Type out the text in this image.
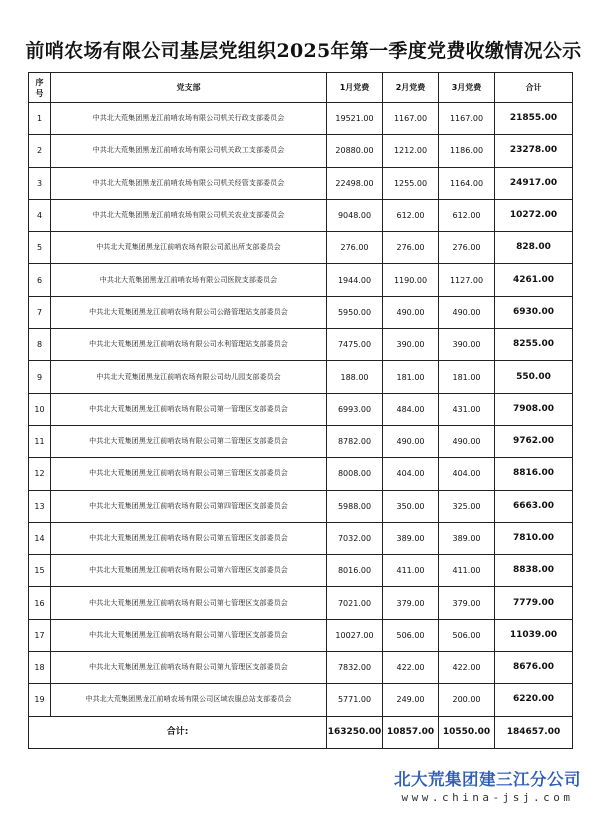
前哨农场有限公司基层党组织2025年第一季度党费收缴情况公示
序
号	党支部	1月党费	2月党费	3月党费	合计
1	中共北大荒集团黑龙江前哨农场有限公司机关行政支部委员会	19521.00	1167.00	1167.00	21855.00
2	中共北大荒集团黑龙江前哨农场有限公司机关政工支部委员会	20880.00	1212.00	1186.00	23278.00
3	中共北大荒集团黑龙江前哨农场有限公司机关经管支部委员会	22498.00	1255.00	1164.00	24917.00
4	中共北大荒集团黑龙江前哨农场有限公司机关农业支部委员会	9048.00	612.00	612.00	10272.00
5	中共北大荒集团黑龙江前哨农场有限公司派出所支部委员会	276.00	276.00	276.00	828.00
6	中共北大荒集团黑龙江前哨农场有限公司医院支部委员会	1944.00	1190.00	1127.00	4261.00
7	中共北大荒集团黑龙江前哨农场有限公司公路管理站支部委员会	5950.00	490.00	490.00	6930.00
8	中共北大荒集团黑龙江前哨农场有限公司水利管理站支部委员会	7475.00	390.00	390.00	8255.00
9	中共北大荒集团黑龙江前哨农场有限公司幼儿园支部委员会	188.00	181.00	181.00	550.00
10	中共北大荒集团黑龙江前哨农场有限公司第一管理区支部委员会	6993.00	484.00	431.00	7908.00
11	中共北大荒集团黑龙江前哨农场有限公司第二管理区支部委员会	8782.00	490.00	490.00	9762.00
12	中共北大荒集团黑龙江前哨农场有限公司第三管理区支部委员会	8008.00	404.00	404.00	8816.00
13	中共北大荒集团黑龙江前哨农场有限公司第四管理区支部委员会	5988.00	350.00	325.00	6663.00
14	中共北大荒集团黑龙江前哨农场有限公司第五管理区支部委员会	7032.00	389.00	389.00	7810.00
15	中共北大荒集团黑龙江前哨农场有限公司第六管理区支部委员会	8016.00	411.00	411.00	8838.00
16	中共北大荒集团黑龙江前哨农场有限公司第七管理区支部委员会	7021.00	379.00	379.00	7779.00
17	中共北大荒集团黑龙江前哨农场有限公司第八管理区支部委员会	10027.00	506.00	506.00	11039.00
18	中共北大荒集团黑龙江前哨农场有限公司第九管理区支部委员会	7832.00	422.00	422.00	8676.00
19	中共北大荒集团黑龙江前哨农场有限公司区域农服总站支部委员会	5771.00	249.00	200.00	6220.00
合计:		163250.00	10857.00	10550.00	184657.00
北大荒集团建三江分公司
www.china-jsj.com
